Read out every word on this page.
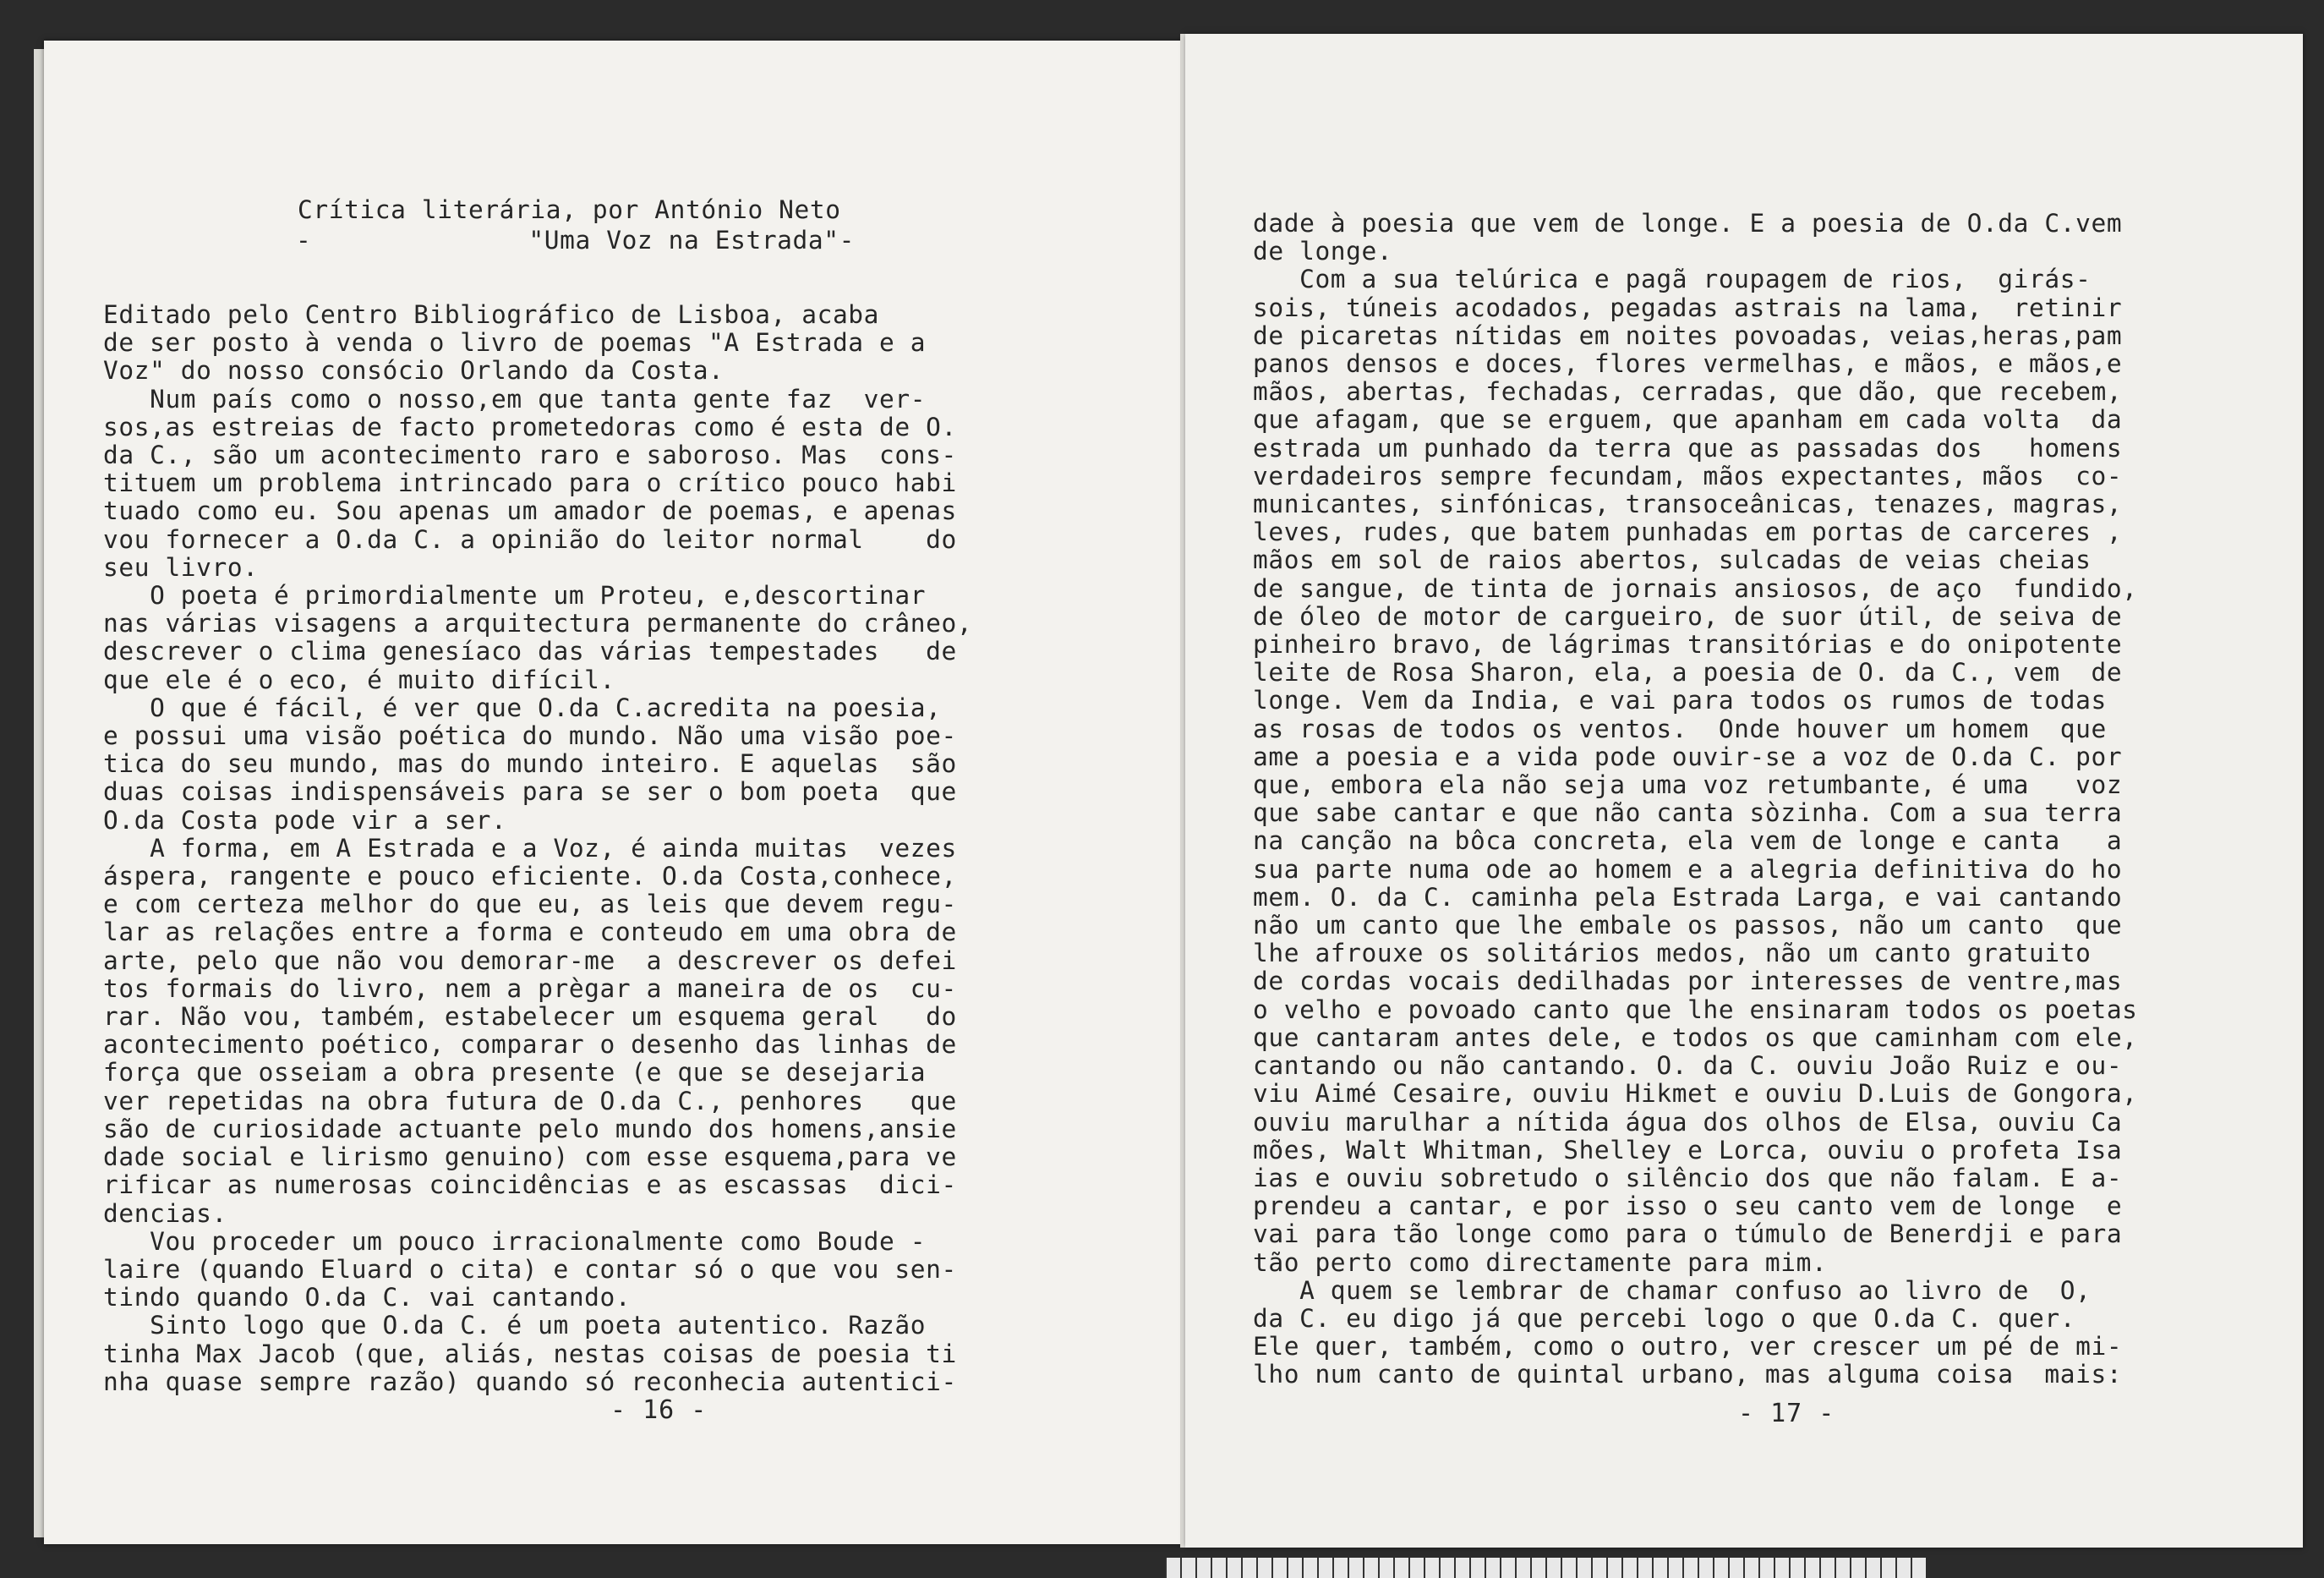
Crítica literária, por António Neto
-              "Uma Voz na Estrada"-
Editado pelo Centro Bibliográfico de Lisboa, acaba
de ser posto à venda o livro de poemas "A Estrada e a
Voz" do nosso consócio Orlando da Costa.
Num país como o nosso,em que tanta gente faz  ver-
sos,as estreias de facto prometedoras como é esta de O.
da C., são um acontecimento raro e saboroso. Mas  cons-
tituem um problema intrincado para o crítico pouco habi
tuado como eu. Sou apenas um amador de poemas, e apenas
vou fornecer a O.da C. a opinião do leitor normal    do
seu livro.
O poeta é primordialmente um Proteu, e,descortinar
nas várias visagens a arquitectura permanente do crâneo,
descrever o clima genesíaco das várias tempestades   de
que ele é o eco, é muito difícil.
O que é fácil, é ver que O.da C.acredita na poesia,
e possui uma visão poética do mundo. Não uma visão poe-
tica do seu mundo, mas do mundo inteiro. E aquelas  são
duas coisas indispensáveis para se ser o bom poeta  que
O.da Costa pode vir a ser.
A forma, em A Estrada e a Voz, é ainda muitas  vezes
áspera, rangente e pouco eficiente. O.da Costa,conhece,
e com certeza melhor do que eu, as leis que devem regu-
lar as relações entre a forma e conteudo em uma obra de
arte, pelo que não vou demorar-me  a descrever os defei
tos formais do livro, nem a prègar a maneira de os  cu-
rar. Não vou, também, estabelecer um esquema geral   do
acontecimento poético, comparar o desenho das linhas de
força que osseiam a obra presente (e que se desejaria
ver repetidas na obra futura de O.da C., penhores   que
são de curiosidade actuante pelo mundo dos homens,ansie
dade social e lirismo genuino) com esse esquema,para ve
rificar as numerosas coincidências e as escassas  dici-
dencias.
Vou proceder um pouco irracionalmente como Boude -
laire (quando Eluard o cita) e contar só o que vou sen-
tindo quando O.da C. vai cantando.
Sinto logo que O.da C. é um poeta autentico. Razão
tinha Max Jacob (que, aliás, nestas coisas de poesia ti
nha quase sempre razão) quando só reconhecia autentici-
- 16 -
dade à poesia que vem de longe. E a poesia de O.da C.vem
de longe.
Com a sua telúrica e pagã roupagem de rios,  girás-
sois, túneis acodados, pegadas astrais na lama,  retinir
de picaretas nítidas em noites povoadas, veias,heras,pam
panos densos e doces, flores vermelhas, e mãos, e mãos,e
mãos, abertas, fechadas, cerradas, que dão, que recebem,
que afagam, que se erguem, que apanham em cada volta  da
estrada um punhado da terra que as passadas dos   homens
verdadeiros sempre fecundam, mãos expectantes, mãos  co-
municantes, sinfónicas, transoceânicas, tenazes, magras,
leves, rudes, que batem punhadas em portas de carceres ,
mãos em sol de raios abertos, sulcadas de veias cheias
de sangue, de tinta de jornais ansiosos, de aço  fundido,
de óleo de motor de cargueiro, de suor útil, de seiva de
pinheiro bravo, de lágrimas transitórias e do onipotente
leite de Rosa Sharon, ela, a poesia de O. da C., vem  de
longe. Vem da India, e vai para todos os rumos de todas
as rosas de todos os ventos.  Onde houver um homem  que
ame a poesia e a vida pode ouvir-se a voz de O.da C. por
que, embora ela não seja uma voz retumbante, é uma   voz
que sabe cantar e que não canta sòzinha. Com a sua terra
na canção na bôca concreta, ela vem de longe e canta   a
sua parte numa ode ao homem e a alegria definitiva do ho
mem. O. da C. caminha pela Estrada Larga, e vai cantando
não um canto que lhe embale os passos, não um canto  que
lhe afrouxe os solitários medos, não um canto gratuito
de cordas vocais dedilhadas por interesses de ventre,mas
o velho e povoado canto que lhe ensinaram todos os poetas
que cantaram antes dele, e todos os que caminham com ele,
cantando ou não cantando. O. da C. ouviu João Ruiz e ou-
viu Aimé Cesaire, ouviu Hikmet e ouviu D.Luis de Gongora,
ouviu marulhar a nítida água dos olhos de Elsa, ouviu Ca
mões, Walt Whitman, Shelley e Lorca, ouviu o profeta Isa
ias e ouviu sobretudo o silêncio dos que não falam. E a-
prendeu a cantar, e por isso o seu canto vem de longe  e
vai para tão longe como para o túmulo de Benerdji e para
tão perto como directamente para mim.
A quem se lembrar de chamar confuso ao livro de  O,
da C. eu digo já que percebi logo o que O.da C. quer.
Ele quer, também, como o outro, ver crescer um pé de mi-
lho num canto de quintal urbano, mas alguma coisa  mais:
- 17 -
